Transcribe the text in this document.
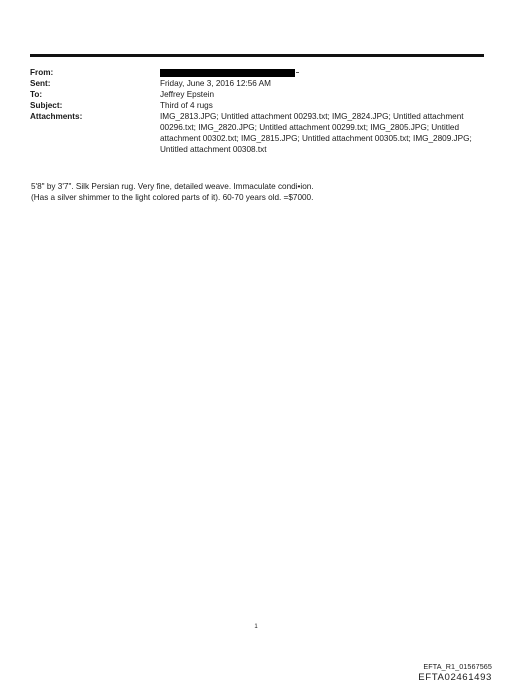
From:
Sent:	Friday, June 3, 2016 12:56 AM
To:	Jeffrey Epstein
Subject:	Third of 4 rugs
Attachments:	IMG_2813.JPG; Untitled attachment 00293.txt; IMG_2824.JPG; Untitled attachment 00296.txt; IMG_2820.JPG; Untitled attachment 00299.txt; IMG_2805.JPG; Untitled attachment 00302.txt; IMG_2815.JPG; Untitled attachment 00305.txt; IMG_2809.JPG; Untitled attachment 00308.txt

5'8" by 3'7". Silk Persian rug. Very fine, detailed weave. Immaculate condi•ion.

(Has a silver shimmer to the light colored parts of it). 60-70 years old. =$7000.

1
EFTA_R1_01567565
EFTA02461493
